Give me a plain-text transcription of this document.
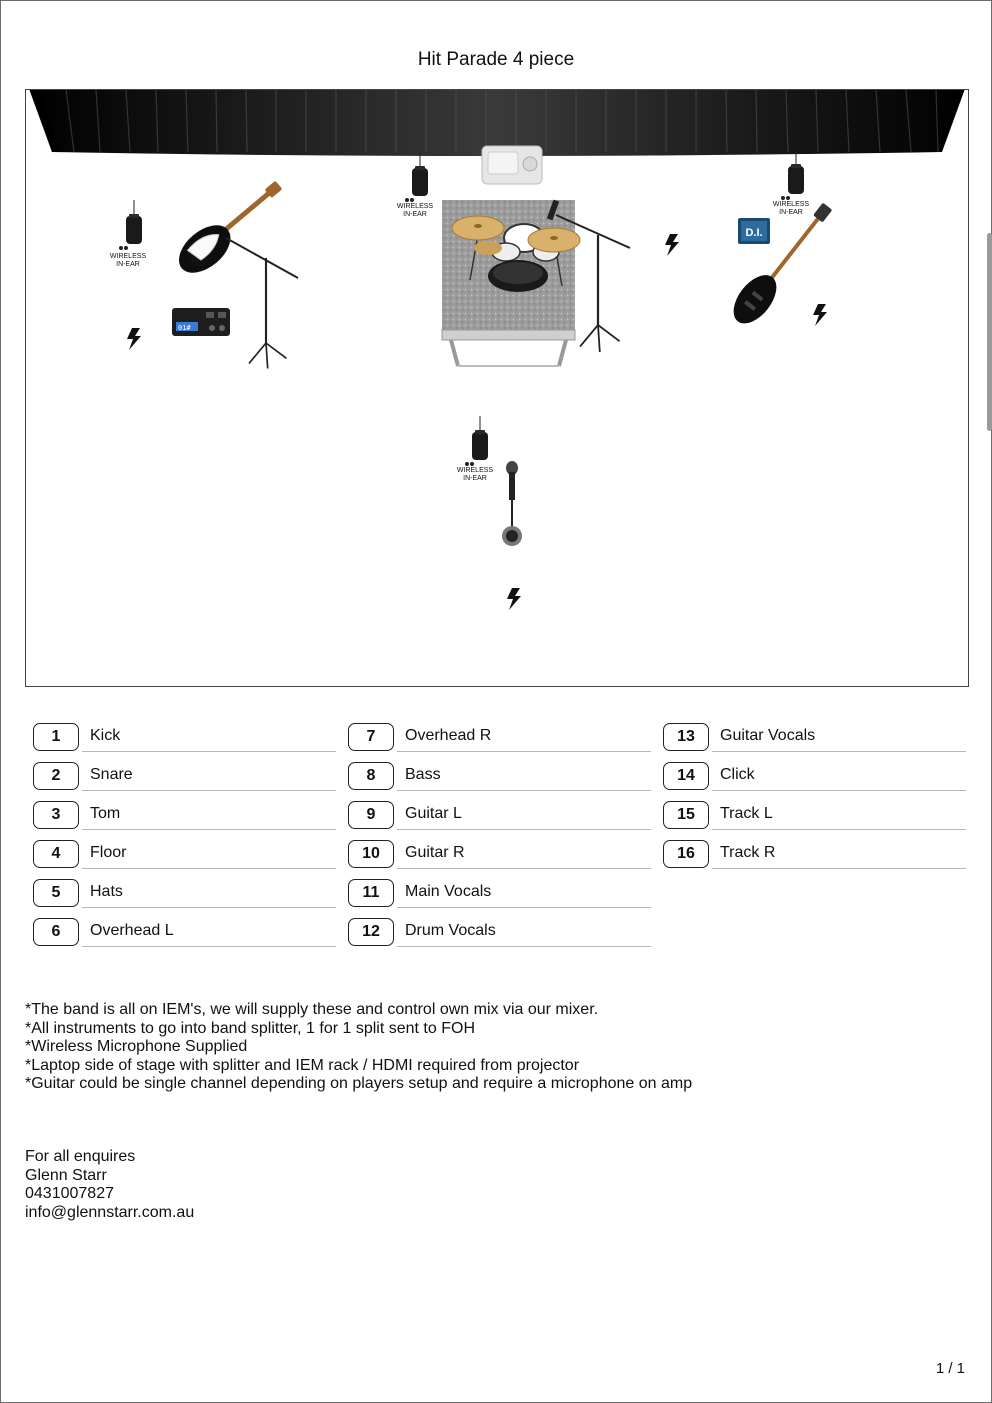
Hit Parade 4 piece
WIRELESS
IN-EAR
01#
WIRELESS
IN-EAR
WIRELESS
IN-EAR
D.I.
WIRELESS
IN-EAR
1	Kick
2	Snare
3	Tom
4	Floor
5	Hats
6	Overhead L
7	Overhead R
8	Bass
9	Guitar L
10	Guitar R
11	Main Vocals
12	Drum Vocals
13	Guitar Vocals
14	Click
15	Track L
16	Track R
*The band is all on IEM's, we will supply these and control own mix via our mixer.
*All instruments to go into band splitter, 1 for 1 split sent to FOH
*Wireless Microphone Supplied
*Laptop side of stage with splitter and IEM rack / HDMI required from projector
*Guitar could be single channel depending on players setup and require a microphone on amp
For all enquires
Glenn Starr
0431007827
info@glennstarr.com.au
1 / 1
